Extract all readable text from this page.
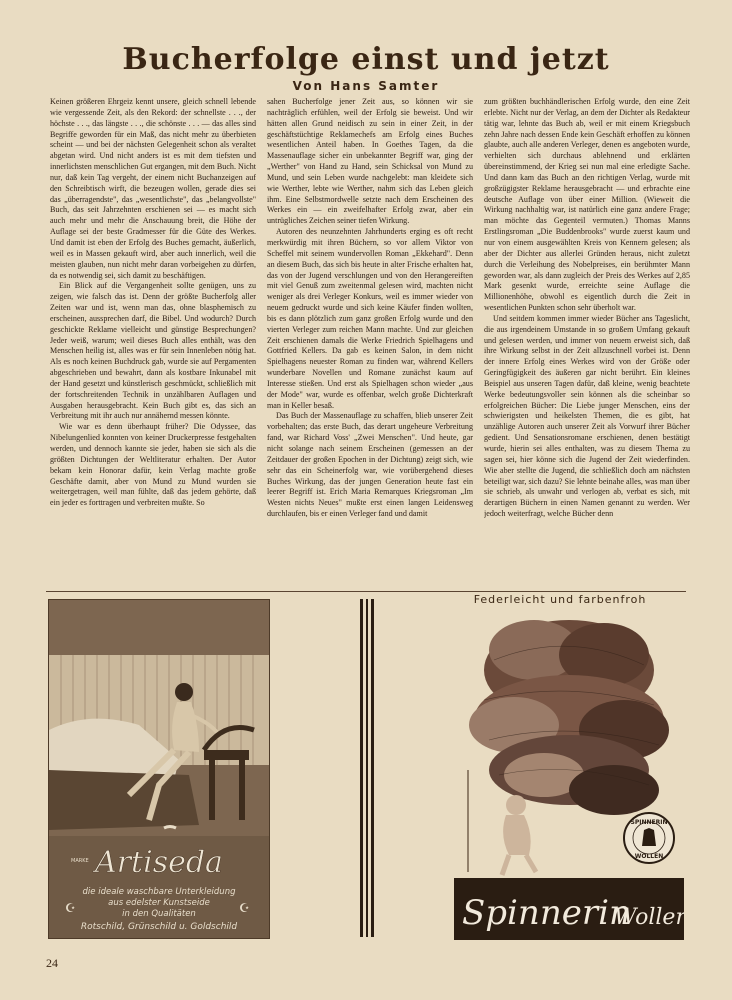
Bucherfolge einst und jetzt
Von Hans Samter

Keinen größeren Ehrgeiz kennt unsere, gleich schnell lebende wie vergessende Zeit, als den Rekord: der schnellste . . ., der höchste . . ., das längste . . ., die schönste . . . — das alles sind Begriffe geworden für ein Maß, das nicht mehr zu überbieten scheint — und bei der nächsten Gelegenheit schon als veraltet abgetan wird. Und nicht anders ist es mit dem tiefsten und innerlichsten menschlichen Gut ergangen, mit dem Buch. Nicht nur, daß kein Tag vergeht, der einem nicht Buchanzeigen auf den Schreibtisch wirft, die bezeugen wollen, gerade dies sei das „überragendste", das „wesentlichste", das „belangvollste" Buch, das seit Jahrzehnten erschienen sei — es macht sich auch mehr und mehr die Anschauung breit, die Höhe der Auflage sei der beste Gradmesser für die Güte des Werkes. Und damit ist eben der Erfolg des Buches gemacht, äußerlich, weil es in Massen gekauft wird, aber auch innerlich, weil die meisten glauben, nun nicht mehr daran vorbeigehen zu dürfen, da es notwendig sei, sich damit zu beschäftigen.

Ein Blick auf die Vergangenheit sollte genügen, uns zu zeigen, wie falsch das ist. Denn der größte Bucherfolg aller Zeiten war und ist, wenn man das, ohne blasphemisch zu erscheinen, aussprechen darf, die Bibel. Und wodurch? Durch geschickte Reklame vielleicht und günstige Besprechungen? Jeder weiß, warum; weil dieses Buch alles enthält, was den Menschen heilig ist, alles was er für sein Innenleben nötig hat. Als es noch keinen Buchdruck gab, wurde sie auf Pergamenten abgeschrieben und bewahrt, dann als kostbare Inkunabel mit der Hand gesetzt und künstlerisch geschmückt, schließlich mit der fortschreitenden Technik in unzählbaren Auflagen und Ausgaben herausgebracht. Kein Buch gibt es, das sich an Verbreitung mit ihr auch nur annähernd messen könnte.

Wie war es denn überhaupt früher? Die Odyssee, das Nibelungenlied konnten von keiner Druckerpresse festgehalten werden, und dennoch kannte sie jeder, haben sie sich als die größten Dichtungen der Weltliteratur erhalten. Der Autor bekam kein Honorar dafür, kein Verlag machte große Geschäfte damit, aber von Mund zu Mund wurden sie weitergetragen, weil man fühlte, daß das jedem gehörte, daß ein jeder es forttragen und verbreiten mußte. So

sahen Bucherfolge jener Zeit aus, so können wir sie nachträglich erfühlen, weil der Erfolg sie beweist. Und wir hätten allen Grund neidisch zu sein in einer Zeit, in der geschäftstüchtige Reklamechefs am Erfolg eines Buches wesentlichen Anteil haben. In Goethes Tagen, da die Massenauflage sicher ein unbekannter Begriff war, ging der „Werther" von Hand zu Hand, sein Schicksal von Mund zu Mund, und sein Leben wurde nachgelebt: man kleidete sich wie Werther, lebte wie Werther, nahm sich das Leben gleich ihm. Eine Selbstmordwelle setzte nach dem Erscheinen des Werkes ein — ein zweifelhafter Erfolg zwar, aber ein untrügliches Zeichen seiner tiefen Wirkung.

Autoren des neunzehnten Jahrhunderts erging es oft recht merkwürdig mit ihren Büchern, so vor allem Viktor von Scheffel mit seinem wundervollen Roman „Ekkehard". Denn an diesem Buch, das sich bis heute in alter Frische erhalten hat, das von der Jugend verschlungen und von den Herangereiften mit viel Genuß zum zweitenmal gelesen wird, machten nicht weniger als drei Verleger Konkurs, weil es immer wieder von neuem gedruckt wurde und sich keine Käufer finden wollten, bis es dann plötzlich zum ganz großen Erfolg wurde und den vierten Verleger zum reichen Mann machte. Und zur gleichen Zeit erschienen damals die Werke Friedrich Spielhagens und Gottfried Kellers. Da gab es keinen Salon, in dem nicht Spielhagens neuester Roman zu finden war, während Kellers wunderbare Novellen und Romane zunächst kaum auf Interesse stießen. Und erst als Spielhagen schon wieder „aus der Mode" war, wurde es offenbar, welch große Dichterkraft man in Keller besaß.

Das Buch der Massenauflage zu schaffen, blieb unserer Zeit vorbehalten; das erste Buch, das derart ungeheure Verbreitung fand, war Richard Voss' „Zwei Menschen". Und heute, gar nicht solange nach seinem Erscheinen (gemessen an der Zeitdauer der großen Epochen in der Dichtung) zeigt sich, wie sehr das ein Scheinerfolg war, wie vorübergehend dieses Buches Wirkung, das der jungen Generation heute fast ein leerer Begriff ist. Erich Maria Remarques Kriegsroman „Im Westen nichts Neues" mußte erst einen langen Leidensweg durchlaufen, bis er einen Verleger fand und damit

zum größten buchhändlerischen Erfolg wurde, den eine Zeit erlebte. Nicht nur der Verlag, an dem der Dichter als Redakteur tätig war, lehnte das Buch ab, weil er mit einem Kriegsbuch zehn Jahre nach dessen Ende kein Geschäft erhoffen zu können glaubte, auch alle anderen Verleger, denen es angeboten wurde, verhielten sich durchaus ablehnend und erklärten übereinstimmend, der Krieg sei nun mal eine erledigte Sache. Und dann kam das Buch an den richtigen Verlag, wurde mit großzügigster Reklame herausgebracht — und erbrachte eine deutsche Auflage von über einer Million. (Wieweit die Wirkung nachhaltig war, ist natürlich eine ganz andere Frage; man möchte das Gegenteil vermuten.) Thomas Manns Erstlingsroman „Die Buddenbrooks" wurde zuerst kaum und nur von einem ausgewählten Kreis von Kennern gelesen; als aber der Dichter aus allerlei Gründen heraus, nicht zuletzt durch die Verleihung des Nobelpreises, ein berühmter Mann geworden war, als dann zugleich der Preis des Werkes auf 2,85 Mark gesenkt wurde, erreichte seine Auflage die Millionenhöhe, obwohl es eigentlich durch die Zeit in wesentlichen Punkten schon sehr überholt war.

Und seitdem kommen immer wieder Bücher ans Tageslicht, die aus irgendeinem Umstande in so großem Umfang gekauft und gelesen werden, und immer von neuem erweist sich, daß ihre Wirkung selbst in der Zeit allzuschnell vorbei ist. Denn der innere Erfolg eines Werkes wird von der Größe oder Geringfügigkeit des äußeren gar nicht berührt. Ein kleines Beispiel aus unseren Tagen dafür, daß kleine, wenig beachtete Werke bedeutungsvoller sein können als die scheinbar so erfolgreichen Bücher: Die Liebe junger Menschen, eins der schwierigsten und heikelsten Themen, die es gibt, hat unzählige Autoren auch unserer Zeit als Vorwurf ihrer Bücher gedient. Und Sensationsromane erschienen, denen bestätigt wurde, hierin sei alles enthalten, was zu diesem Thema zu sagen sei, hier könne sich die Jugend der Zeit wiederfinden. Wie aber stellte die Jugend, die schließlich doch am nächsten beteiligt war, sich dazu? Sie lehnte beinahe alles, was man über sie schrieb, als unwahr und verlogen ab, verbat es sich, mit derartigen Büchern in einen Namen genannt zu werden. Wer jedoch weiterfragt, welche Bücher denn

MARKE Artiseda
die ideale waschbare Unterkleidung
aus edelster Kunstseide
in den Qualitäten
Rotschild, Grünschild u. Goldschild
☪	☪
Federleicht und farbenfroh
SPINNERIN
WOLLEN
Spinnerin
Wollen
24
